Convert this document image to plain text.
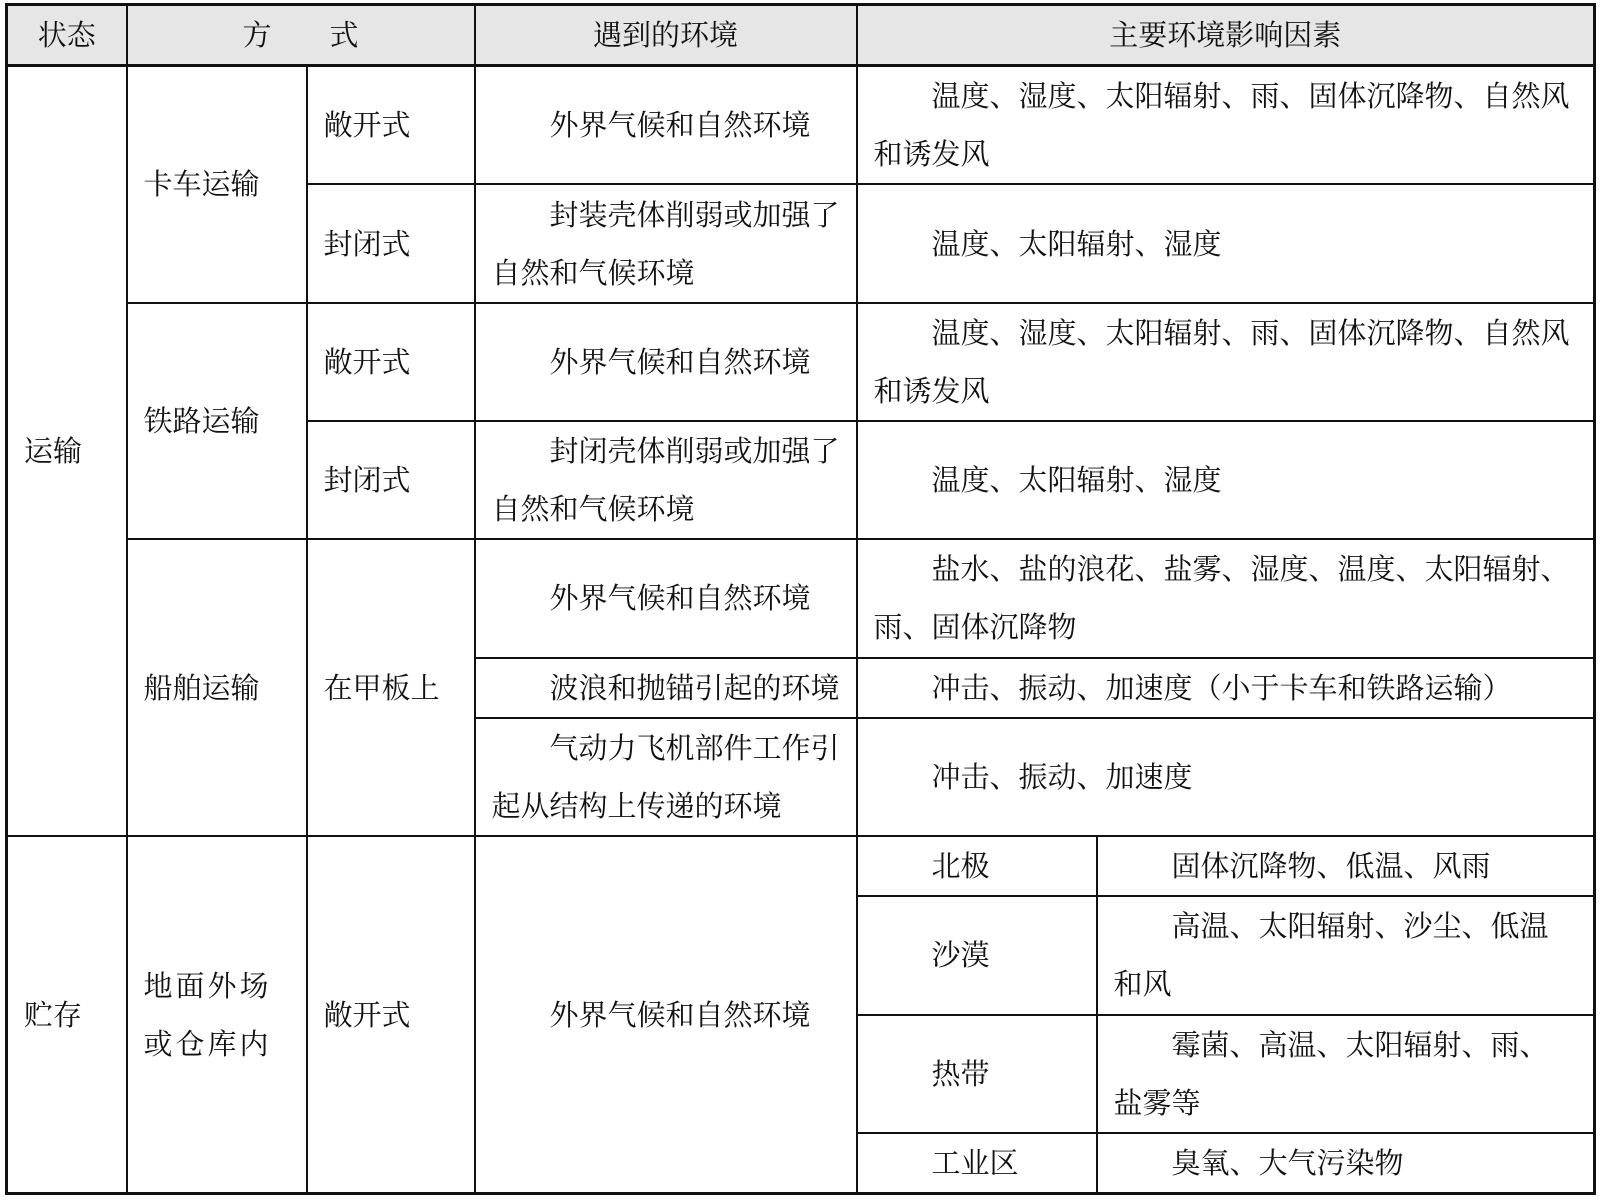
状态	方　　式		遇到的环境	主要环境影响因素	
运输	卡车运输	敞开式	外界气候和自然环境	温度、湿度、太阳辐射、雨、固体沉降物、自然风和诱发风	
		封闭式	封装壳体削弱或加强了自然和气候环境	温度、太阳辐射、湿度	
	铁路运输	敞开式	外界气候和自然环境	温度、湿度、太阳辐射、雨、固体沉降物、自然风和诱发风	
		封闭式	封闭壳体削弱或加强了自然和气候环境	温度、太阳辐射、湿度	
	船舶运输	在甲板上	外界气候和自然环境	盐水、盐的浪花、盐雾、湿度、温度、太阳辐射、雨、固体沉降物	
			波浪和抛锚引起的环境	冲击、振动、加速度（小于卡车和铁路运输）	
			气动力飞机部件工作引起从结构上传递的环境	冲击、振动、加速度	
贮存	地面外场或仓库内	敞开式	外界气候和自然环境	北极	固体沉降物、低温、风雨
				沙漠	高温、太阳辐射、沙尘、低温和风
				热带	霉菌、高温、太阳辐射、雨、盐雾等
				工业区	臭氧、大气污染物
